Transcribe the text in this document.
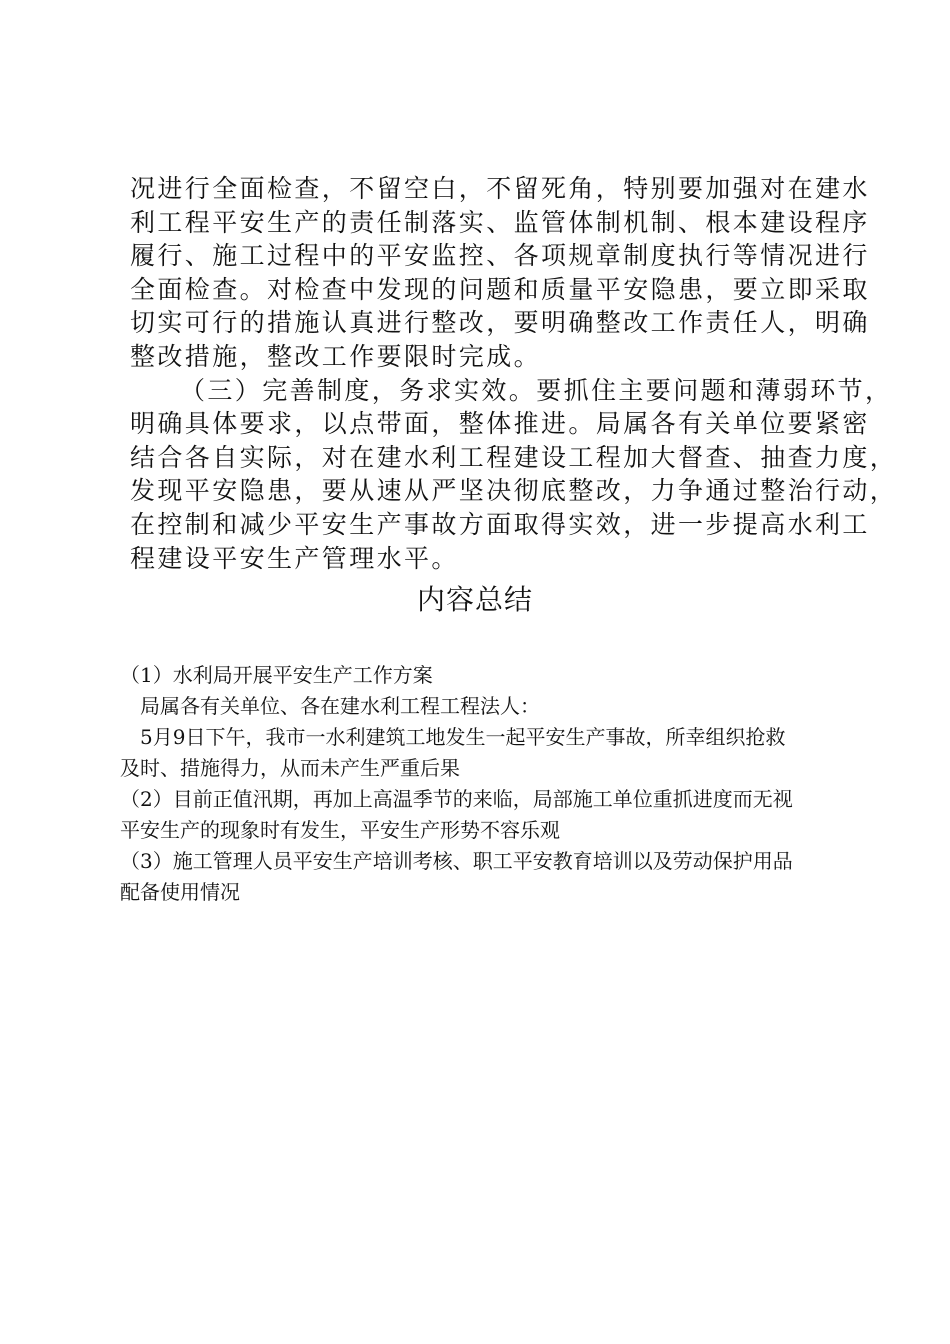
况进行全面检查，不留空白，不留死角，特别要加强对在建水
利工程平安生产的责任制落实、监管体制机制、根本建设程序
履行、施工过程中的平安监控、各项规章制度执行等情况进行
全面检查。对检查中发现的问题和质量平安隐患，要立即采取
切实可行的措施认真进行整改，要明确整改工作责任人，明确
整改措施，整改工作要限时完成。
（三）完善制度，务求实效。要抓住主要问题和薄弱环节，
明确具体要求，以点带面，整体推进。局属各有关单位要紧密
结合各自实际，对在建水利工程建设工程加大督查、抽查力度，
发现平安隐患，要从速从严坚决彻底整改，力争通过整治行动，
在控制和减少平安生产事故方面取得实效，进一步提高水利工
程建设平安生产管理水平。
内容总结
（1）水利局开展平安生产工作方案
　局属各有关单位、各在建水利工程工程法人：
　5月9日下午，我市一水利建筑工地发生一起平安生产事故，所幸组织抢救
及时、措施得力，从而未产生严重后果
（2）目前正值汛期，再加上高温季节的来临，局部施工单位重抓进度而无视
平安生产的现象时有发生，平安生产形势不容乐观
（3）施工管理人员平安生产培训考核、职工平安教育培训以及劳动保护用品
配备使用情况
